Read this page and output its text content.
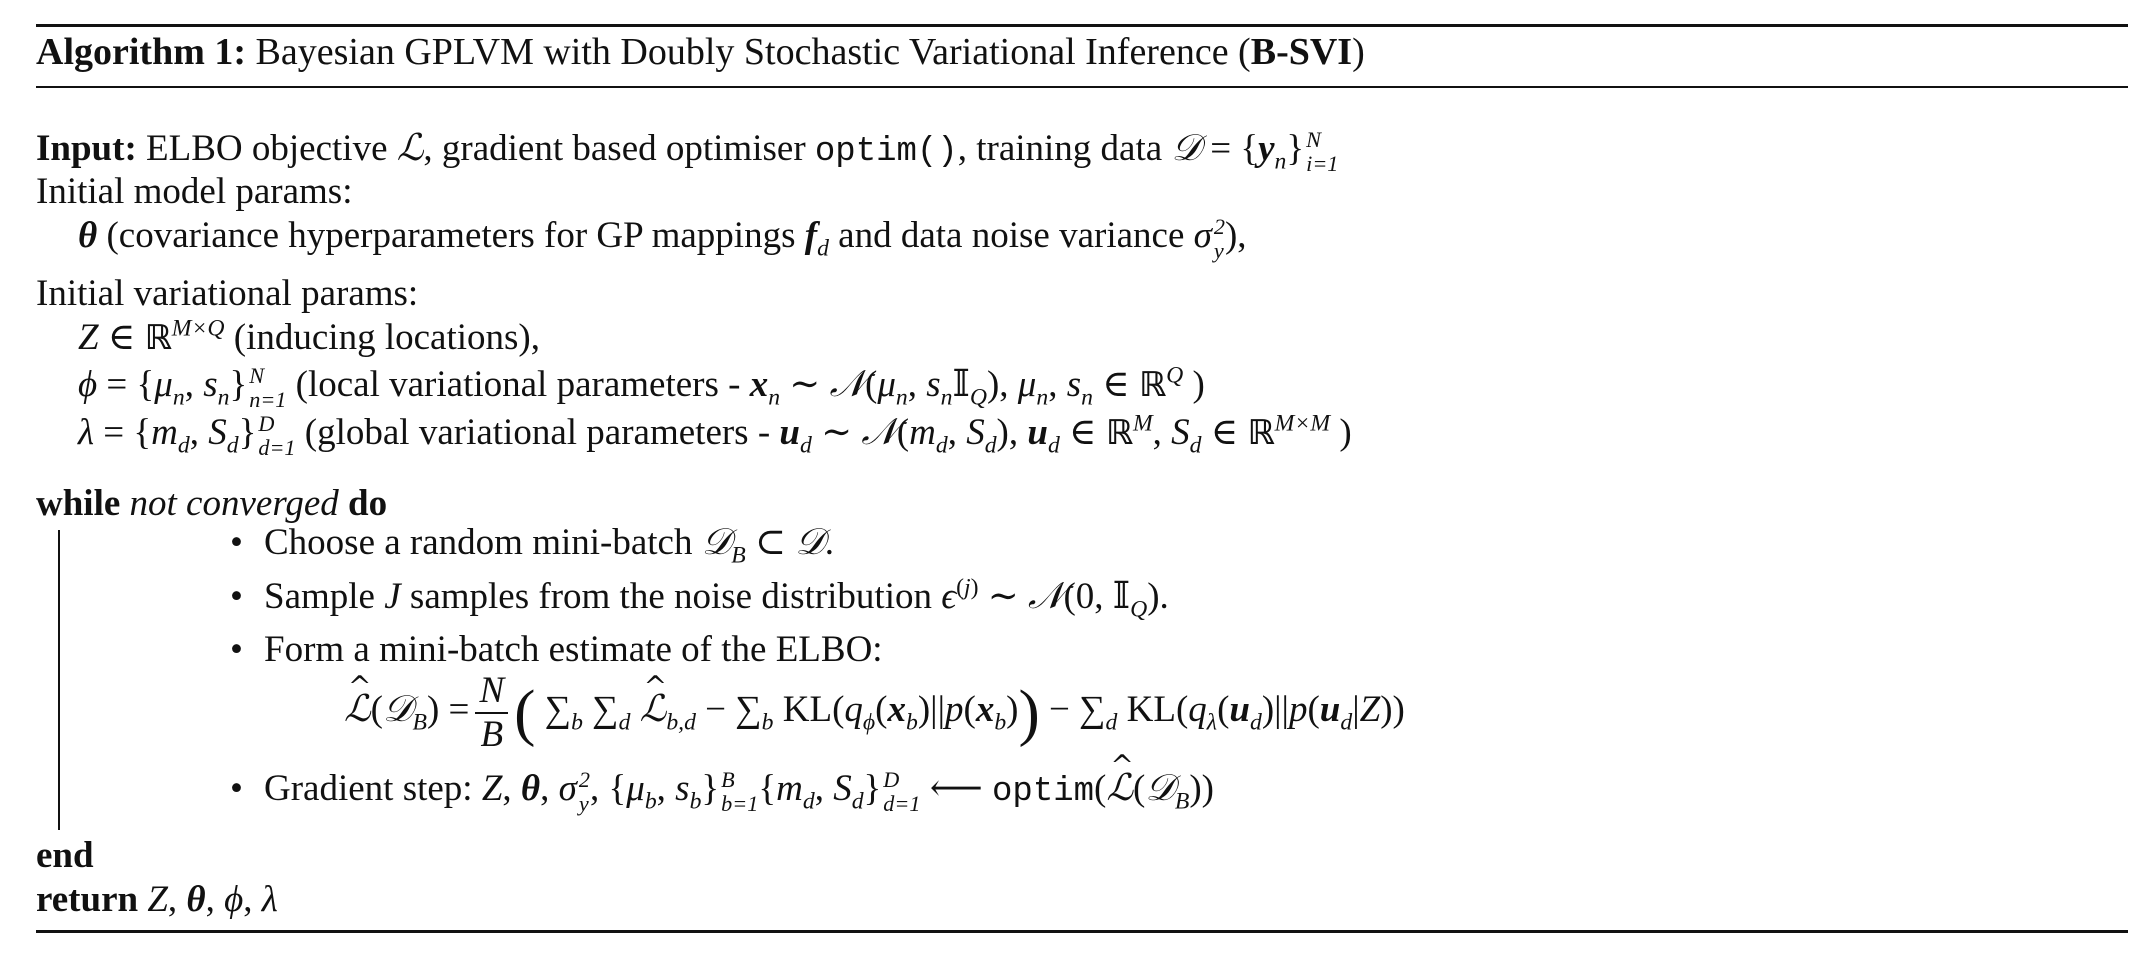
Algorithm 1: Bayesian GPLVM with Doubly Stochastic Variational Inference (B-SVI)
Input: ELBO objective ℒ, gradient based optimiser optim(), training data 𝒟 = $\{y_n\}$ N
i=1
Initial model params:
θ (covariance hyperparameters for GP mappings $f_d$ and data noise variance σ 2
y ),
Initial variational params:
Z ∈ ℝ$^{M\times Q}$ (inducing locations),
$\phi = \{\mu_n$, $s_n$} N
n=1 (local variational parameters - $x_n$ ∼ $𝒩(\mu_n$, $s_n𝕀_Q$), $\mu_n$, $s_n$ ∈ ℝ$^Q$ )
$\lambda = \{m_d$, $S_d$} D
d=1 (global variational parameters - $u_d$ ∼ $𝒩(m_d$, $S_d$), $u_d$ ∈ ℝ$^M$, $S_d$ ∈ ℝ$^{M\times M}$ )
while not converged do
• Choose a random mini-batch 𝒟$_B$ ⊂ 𝒟.
• Sample J samples from the noise distribution $\epsilon^{(j)}$ ∼ 𝒩(0, 𝕀$_Q$).
• Form a mini-batch estimate of the ELBO:
^ ℒ(𝒟$_B$) = $\frac{N}{B}$ ( $\sum_b$ $\sum_d$ ^ ℒ$_{b,d}$ − $\sum_b$ $KL(q_\phi(x_b)||p(x_b)) - \sum_d$ $KL(q_\lambda(u_d)||p(u_d|Z))$
• Gradient step: Z, θ, σ 2
y , {$\mu_b$, $s_b$} B
b=1 {$m_d$, $S_d$} D
d=1 ⟵ optim(^ ℒ(𝒟$_B$))
end
return Z, θ, ϕ, λ
